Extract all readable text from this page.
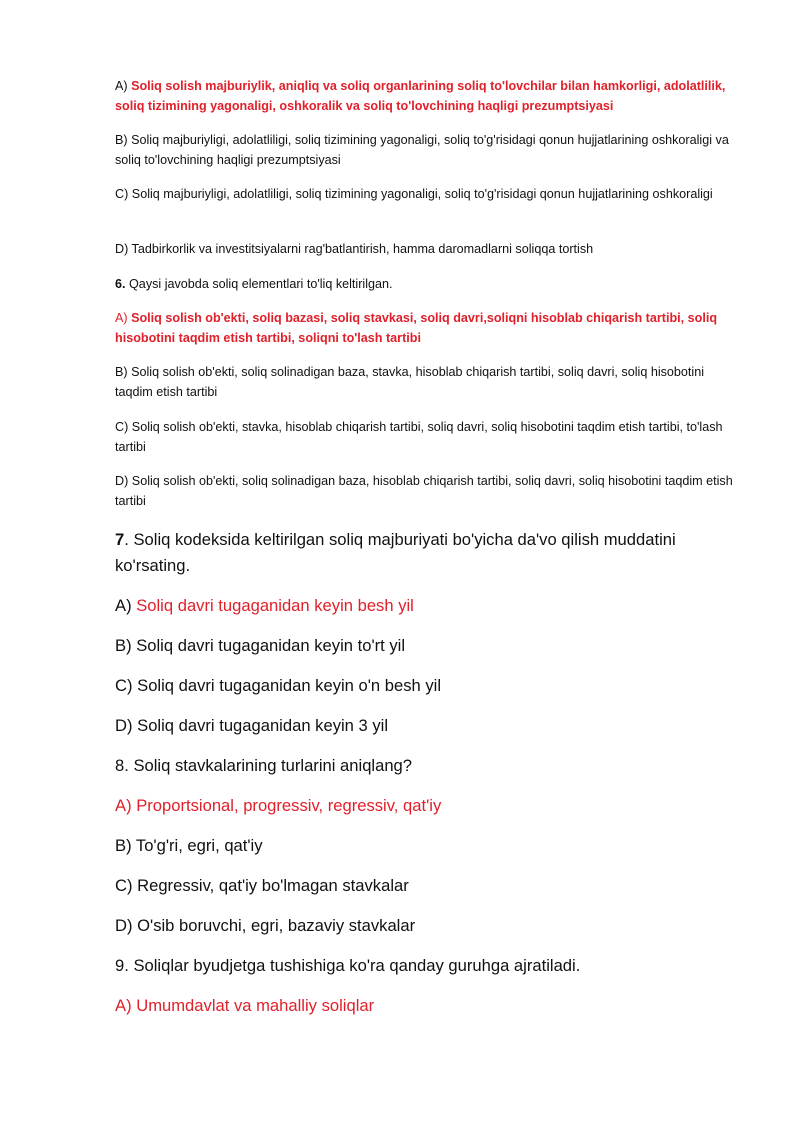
A) Soliq solish majburiylik, aniqliq va soliq organlarining soliq to'lovchilar bilan hamkorligi, adolatlilik, soliq tizimining yagonaligi, oshkoralik va soliq to'lovchining haqligi prezumptsiyasi

B) Soliq majburiyligi, adolatliligi, soliq tizimining yagonaligi, soliq to'g'risidagi qonun hujjatlarining oshkoraligi va soliq to'lovchining haqligi prezumptsiyasi

C) Soliq majburiyligi, adolatliligi, soliq tizimining yagonaligi, soliq to'g'risidagi qonun hujjatlarining oshkoraligi

D) Tadbirkorlik va investitsiyalarni rag'batlantirish, hamma daromadlarni soliqqa tortish

6. Qaysi javobda soliq elementlari to'liq keltirilgan.

A) Soliq solish ob'ekti, soliq bazasi, soliq stavkasi, soliq davri,soliqni hisoblab chiqarish tartibi, soliq hisobotini taqdim etish tartibi, soliqni to'lash tartibi

B) Soliq solish ob'ekti, soliq solinadigan baza, stavka, hisoblab chiqarish tartibi, soliq davri, soliq hisobotini taqdim etish tartibi

C) Soliq solish ob'ekti, stavka, hisoblab chiqarish tartibi, soliq davri, soliq hisobotini taqdim etish tartibi, to'lash tartibi

D) Soliq solish ob'ekti, soliq solinadigan baza, hisoblab chiqarish tartibi, soliq davri, soliq hisobotini taqdim etish tartibi

7. Soliq kodeksida keltirilgan soliq majburiyati bo'yicha da'vo qilish muddatini ko'rsating.

A) Soliq davri tugaganidan keyin besh yil

B) Soliq davri tugaganidan keyin to'rt yil

C) Soliq davri tugaganidan keyin o'n besh yil

D) Soliq davri tugaganidan keyin 3 yil

8. Soliq stavkalarining turlarini aniqlang?

A) Proportsional, progressiv, regressiv, qat'iy

B) To'g'ri, egri, qat'iy

C) Regressiv, qat'iy bo'lmagan stavkalar

D) O'sib boruvchi, egri, bazaviy stavkalar

9. Soliqlar byudjetga tushishiga ko'ra qanday guruhga ajratiladi.

A) Umumdavlat va mahalliy soliqlar
